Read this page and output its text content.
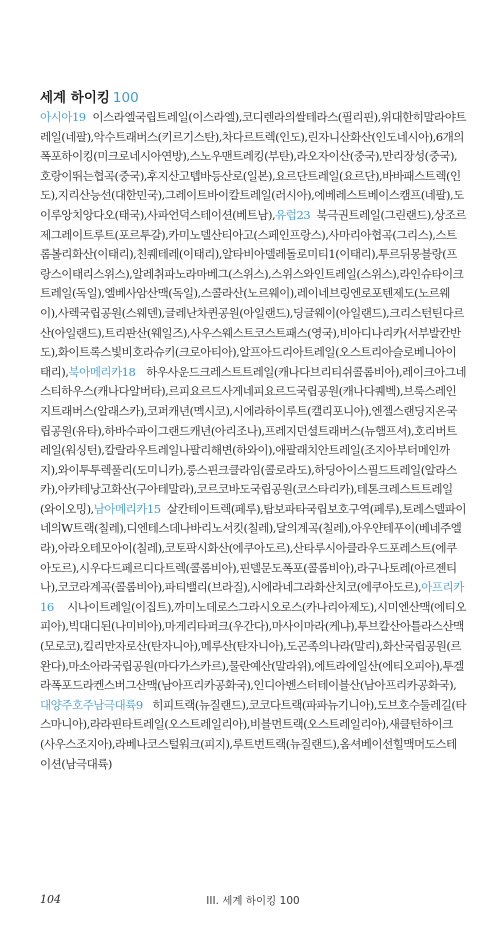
세계 하이킹 100

아시아19 이스라엘국립트레일(이스라엘),코디렌라의쌀테라스(필리핀),위대한히말라야트레일(네팔),악수트래버스(키르기스탄),차다르트렉(인도),린자니산화산(인도네시아),6개의폭포하이킹(미크로네시아연방),스노우맨트레킹(부탄),라오자이산(중국),만리장성(중국),호랑이뛰는협곡(중국),후지산고텝바등산로(일본),요르단트레일(요르단),바바패스트렉(인도),지리산능선(대한민국),그레이트바이칼트레일(러시아),에베레스트베이스캠프(네팔),도이루앙치앙다오(태국),사파언덕스테이션(베트남),유럽23 북극권트레일(그린랜드),상조르제그레이트루트(포르투갈),카미노델산티아고(스페인프랑스),사마리아협곡(그리스),스트롬볼리화산(이태리),친퀘테레(이태리),알타비아델레돌로미티1(이태리),투르뒤몽블랑(프랑스이태리스위스),알레취파노라마베그(스위스),스위스와인트레일(스위스),라인슈타이크트레일(독일),엘베사암산맥(독일),스콜라산(노르웨이),레이네브링엔로포텐제도(노르웨이),사렉국립공원(스웨덴),글레난차퀸공원(아일랜드),딩글웨이(아일랜드),크리스턴틴다르산(아일랜드),트리판산(웨일즈),사우스웨스트코스트패스(영국),비아디나리카(서부발칸반도),화이트록스빛비호라슈키(크로아티아),알프아드리아트레일(오스트리아슬로베니아이태리),북아메리카18 하우사운드크레스트트레일(캐나다브리티쉬콜롬비아),레이크아그네스티하우스(캐나다알버타),르피요르드사게네피요르드국립공원(캐나다퀘벡),브룩스레인지트래버스(알래스카),코퍼캐년(멕시코),시에라하이루트(캘리포니아),엔젤스랜딩지온국립공원(유타),하바수파이그랜드캐년(아리조나),프레지던셜트래버스(뉴햄프셔),호리버트레일(워싱턴),칼랄라우트레일나팔리해변(하와이),애팔래치안트레일(조지아부터메인까지),와이투투렉풀리(도미니카),룽스핀크클라임(콜로라도),하딩아이스필드트레일(알라스카),아카테낭고화산(구아테말라),코르코바도국립공원(코스타리카),테톤크레스트트레일(와이오밍),남아메리카15 살칸테이트렉(페루),탐보파타국립보호구역(페루),토레스델파이네의W트랙(칠레),디엔테스데나바리노서킷(칠레),달의계곡(칠레),아우얀테푸이(베네주엘라),아라오테모아이(칠레),코토팍시화산(에쿠아도르),산타루시아클라우드포레스트(에쿠아도르),시우다드페르디다트렉(콜롬비아),핀델문도폭포(콜롬비아),라구나토레(아르젠티나),코코라계곡(콜롬비아),파티밸리(브라질),시에라네그라화산치코(에쿠아도르),아프리카16 시나이트레일(이집트),까미노데로스그라시오로스(카나리아제도),시미엔산맥(에티오피아),빅대디된(나미비아),마게리타퍼크(우간다),마사이마라(케냐),투브칼산아틀라스산맥(모로코),킬리만자로산(탄자니아),메루산(탄자니아),도곤족의나라(말리),화산국립공원(르완다),마소아라국립공원(마다가스카르),물란예산(말라위),에트라에일산(에티오피아),투겔라폭포드라켄스버그산맥(남아프리카공화국),인디아벤스터테이블산(남아프리카공화국),대양주호주남극대륙9 히피트랙(뉴질랜드),코코다트랙(파파뉴기니아),도브호수둘레길(타스마니아),라라핀타트레일(오스트레일리아),비블먼트랙(오스트레일리아),새클턴하이크(사우스조지아),라베나코스털워크(피지),루트번트랙(뉴질랜드),옴셔베이선힐맥머도스테이션(남극대륙)

104	III. 세계 하이킹 100
